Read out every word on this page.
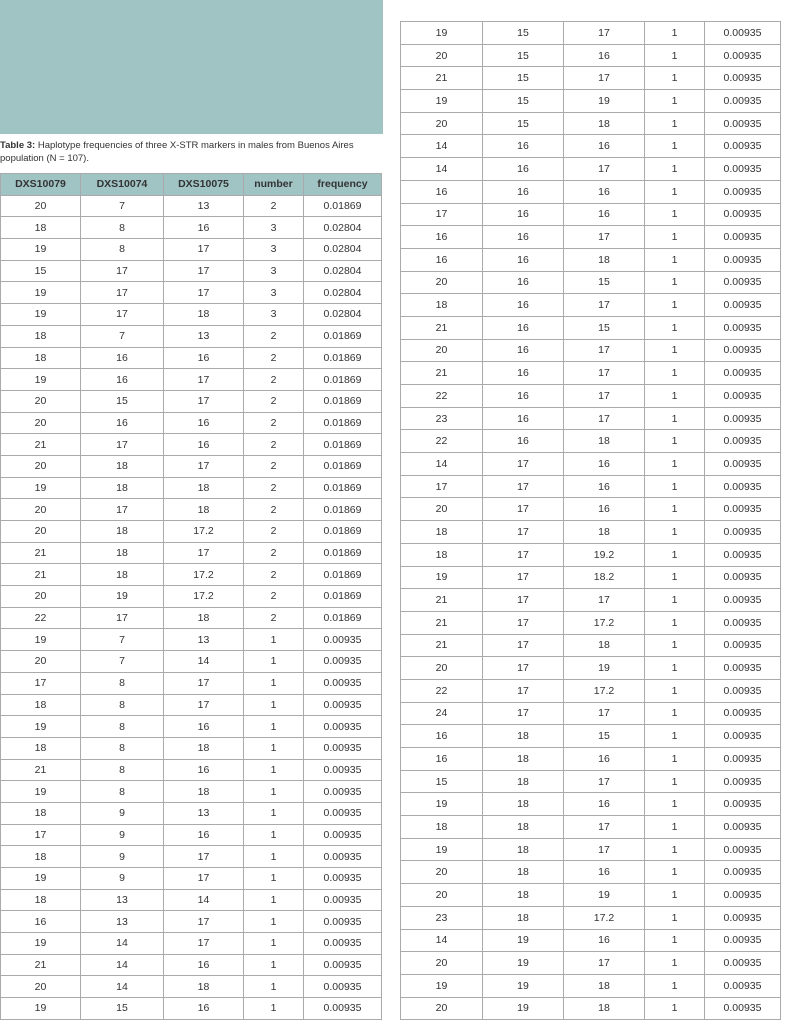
Table 3: Haplotype frequencies of three X-STR markers in males from Buenos Aires population (N = 107).
DXS10079	DXS10074	DXS10075	number	frequency
20	7	13	2	0.01869
18	8	16	3	0.02804
19	8	17	3	0.02804
15	17	17	3	0.02804
19	17	17	3	0.02804
19	17	18	3	0.02804
18	7	13	2	0.01869
18	16	16	2	0.01869
19	16	17	2	0.01869
20	15	17	2	0.01869
20	16	16	2	0.01869
21	17	16	2	0.01869
20	18	17	2	0.01869
19	18	18	2	0.01869
20	17	18	2	0.01869
20	18	17.2	2	0.01869
21	18	17	2	0.01869
21	18	17.2	2	0.01869
20	19	17.2	2	0.01869
22	17	18	2	0.01869
19	7	13	1	0.00935
20	7	14	1	0.00935
17	8	17	1	0.00935
18	8	17	1	0.00935
19	8	16	1	0.00935
18	8	18	1	0.00935
21	8	16	1	0.00935
19	8	18	1	0.00935
18	9	13	1	0.00935
17	9	16	1	0.00935
18	9	17	1	0.00935
19	9	17	1	0.00935
18	13	14	1	0.00935
16	13	17	1	0.00935
19	14	17	1	0.00935
21	14	16	1	0.00935
20	14	18	1	0.00935
19	15	16	1	0.00935
19	15	17	1	0.00935
20	15	16	1	0.00935
21	15	17	1	0.00935
19	15	19	1	0.00935
20	15	18	1	0.00935
14	16	16	1	0.00935
14	16	17	1	0.00935
16	16	16	1	0.00935
17	16	16	1	0.00935
16	16	17	1	0.00935
16	16	18	1	0.00935
20	16	15	1	0.00935
18	16	17	1	0.00935
21	16	15	1	0.00935
20	16	17	1	0.00935
21	16	17	1	0.00935
22	16	17	1	0.00935
23	16	17	1	0.00935
22	16	18	1	0.00935
14	17	16	1	0.00935
17	17	16	1	0.00935
20	17	16	1	0.00935
18	17	18	1	0.00935
18	17	19.2	1	0.00935
19	17	18.2	1	0.00935
21	17	17	1	0.00935
21	17	17.2	1	0.00935
21	17	18	1	0.00935
20	17	19	1	0.00935
22	17	17.2	1	0.00935
24	17	17	1	0.00935
16	18	15	1	0.00935
16	18	16	1	0.00935
15	18	17	1	0.00935
19	18	16	1	0.00935
18	18	17	1	0.00935
19	18	17	1	0.00935
20	18	16	1	0.00935
20	18	19	1	0.00935
23	18	17.2	1	0.00935
14	19	16	1	0.00935
20	19	17	1	0.00935
19	19	18	1	0.00935
20	19	18	1	0.00935
